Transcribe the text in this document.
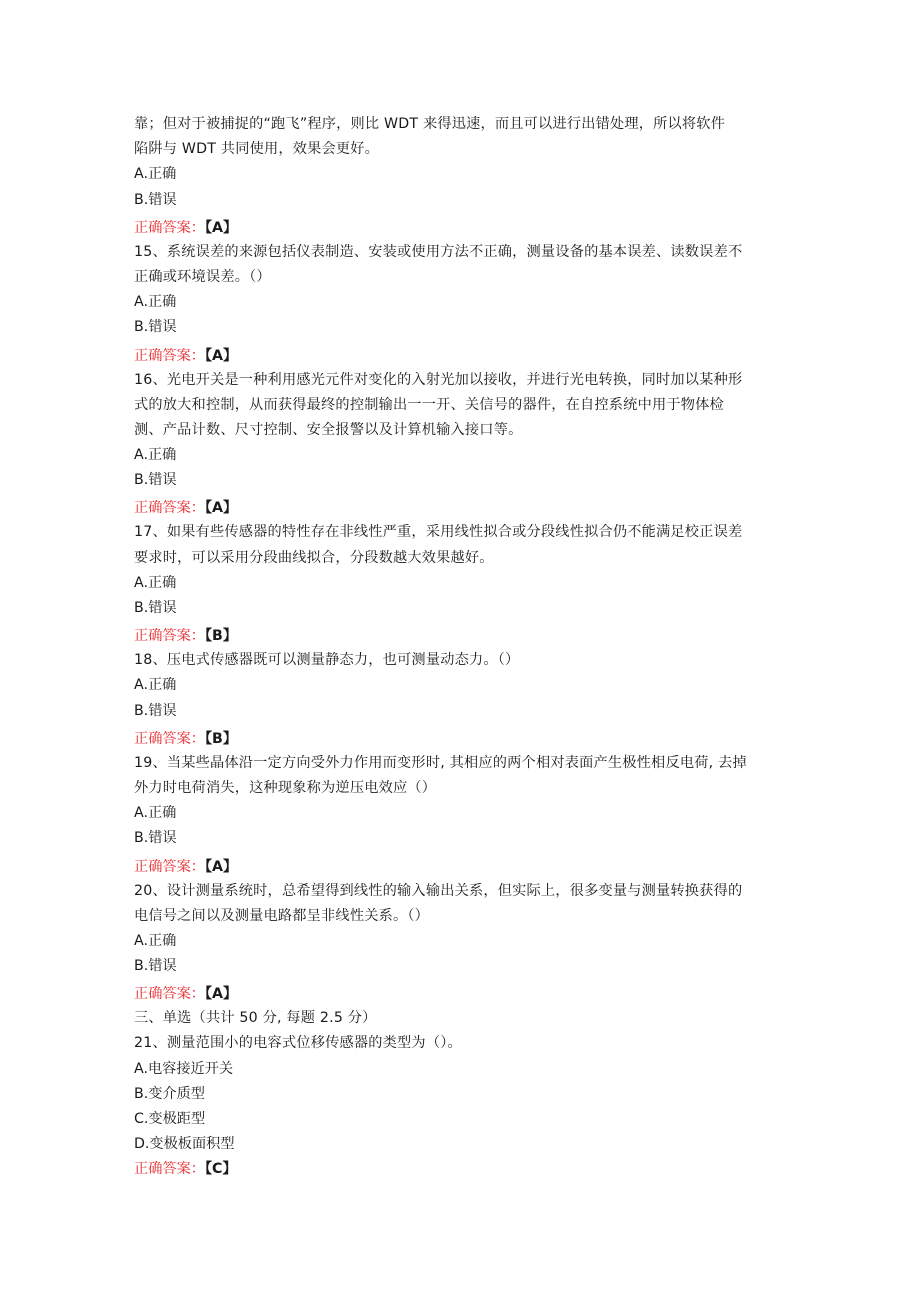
靠；但对于被捕捉的“跑飞”程序，则比 WDT 来得迅速，而且可以进行出错处理，所以将软件
陷阱与 WDT 共同使用，效果会更好。
A.正确
B.错误
正确答案：【A】
15、系统误差的来源包括仪表制造、安装或使用方法不正确，测量设备的基本误差、读数误差不
正确或环境误差。（）
A.正确
B.错误
正确答案：【A】
16、光电开关是一种利用感光元件对变化的入射光加以接收，并进行光电转换，同时加以某种形
式的放大和控制，从而获得最终的控制输出一一开、关信号的器件，在自控系统中用于物体检
测、产品计数、尺寸控制、安全报警以及计算机输入接口等。
A.正确
B.错误
正确答案：【A】
17、如果有些传感器的特性存在非线性严重，采用线性拟合或分段线性拟合仍不能满足校正误差
要求时，可以采用分段曲线拟合，分段数越大效果越好。
A.正确
B.错误
正确答案：【B】
18、压电式传感器既可以测量静态力，也可测量动态力。（）
A.正确
B.错误
正确答案：【B】
19、当某些晶体沿一定方向受外力作用而变形时, 其相应的两个相对表面产生极性相反电荷, 去掉
外力时电荷消失，这种现象称为逆压电效应（）
A.正确
B.错误
正确答案：【A】
20、设计测量系统时，总希望得到线性的输入输出关系，但实际上，很多变量与测量转换获得的
电信号之间以及测量电路都呈非线性关系。（）
A.正确
B.错误
正确答案：【A】
三、单选（共计 50 分, 每题 2.5 分）
21、测量范围小的电容式位移传感器的类型为（）。
A.电容接近开关
B.变介质型
C.变极距型
D.变极板面积型
正确答案：【C】
